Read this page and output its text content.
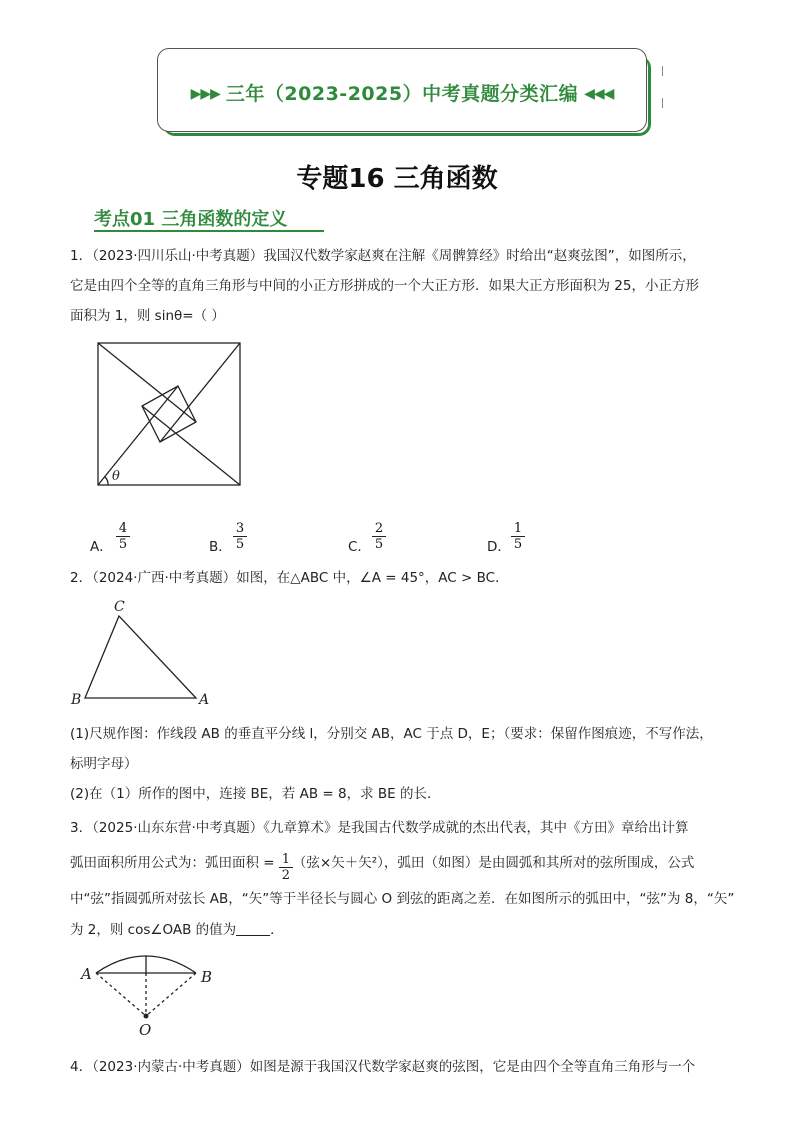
▶▶▶ 三年（2023-2025）中考真题分类汇编 ◀◀◀
专题16 三角函数
考点01 三角函数的定义
1．（2023·四川乐山·中考真题）我国汉代数学家赵爽在注解《周髀算经》时给出“赵爽弦图”，如图所示，
它是由四个全等的直角三角形与中间的小正方形拼成的一个大正方形．如果大正方形面积为 25，小正方形
面积为 1，则 sinθ=（ ）
θ
A． $\frac{4}{5}$	B． $\frac{3}{5}$	C． $\frac{2}{5}$	D． $\frac{1}{5}$
2．（2024·广西·中考真题）如图，在△ABC 中，∠A = 45°，AC > BC．
C
B	A
(1)尺规作图：作线段 AB 的垂直平分线 l，分别交 AB，AC 于点 D，E；（要求：保留作图痕迹，不写作法，
标明字母）
(2)在（1）所作的图中，连接 BE，若 AB = 8，求 BE 的长．
3．（2025·山东东营·中考真题）《九章算术》是我国古代数学成就的杰出代表，其中《方田》章给出计算
弧田面积所用公式为：弧田面积 = $\frac{1}{2}$ （弦×矢＋矢²），弧田（如图）是由圆弧和其所对的弦所围成，公式
中“弦”指圆弧所对弦长 AB，“矢”等于半径长与圆心 O 到弦的距离之差．在如图所示的弧田中，“弦”为 8，“矢”
为 2，则 cos∠OAB 的值为	．
A	B
O
4．（2023·内蒙古·中考真题）如图是源于我国汉代数学家赵爽的弦图，它是由四个全等直角三角形与一个
